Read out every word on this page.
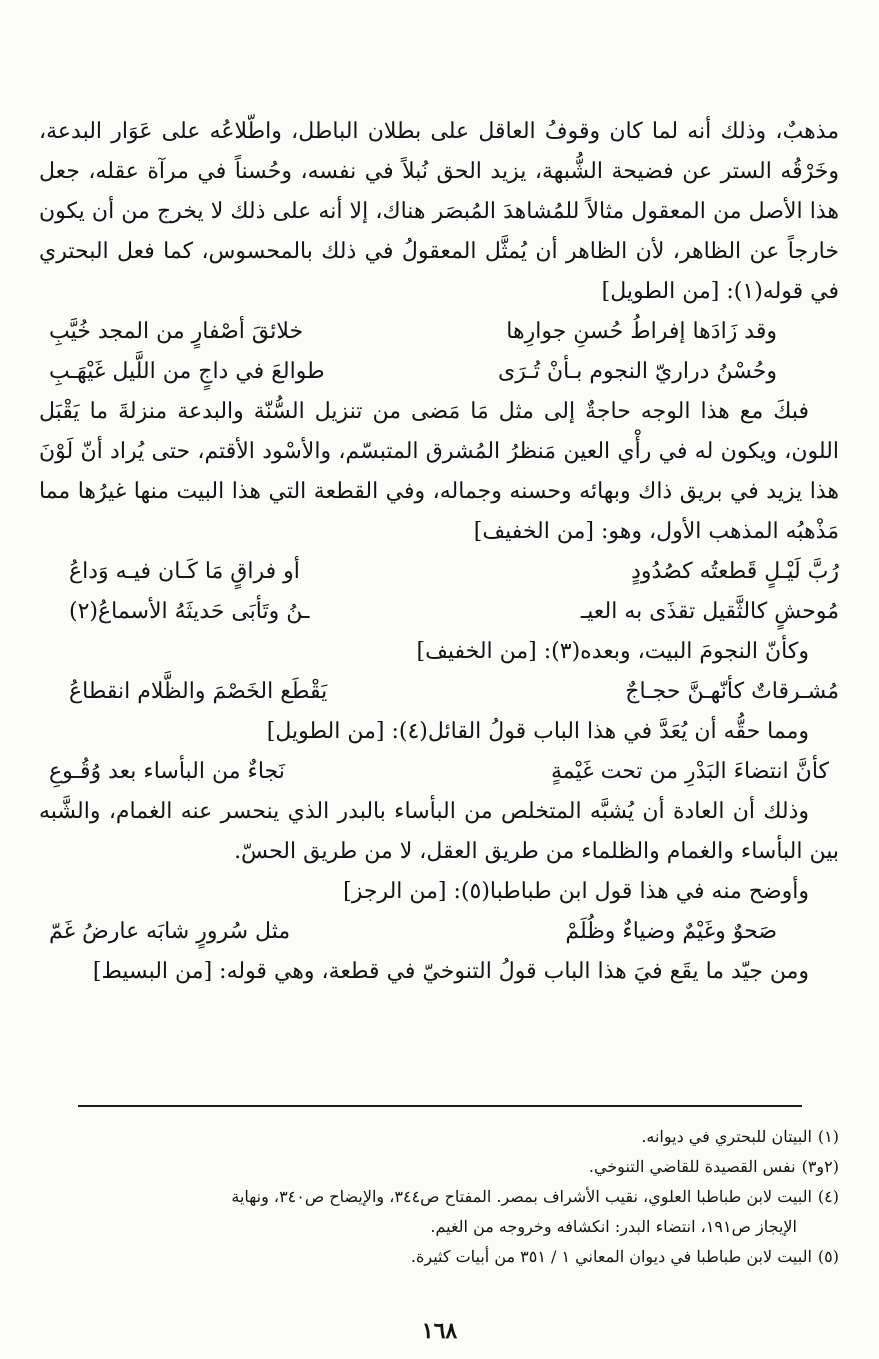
مذهبٌ، وذلك أنه لما كان وقوفُ العاقل على بطلان الباطل، واطّلاعُه على عَوَار البدعة، وخَرْقُه الستر عن فضيحة الشُّبهة، يزيد الحق نُبلاً في نفسه، وحُسناً في مرآة عقله، جعل هذا الأصل من المعقول مثالاً للمُشاهدَ المُبصَر هناك، إلا أنه على ذلك لا يخرج من أن يكون خارجاً عن الظاهر، لأن الظاهر أن يُمثَّل المعقولُ في ذلك بالمحسوس، كما فعل البحتري في قوله(١): [من الطويل]

وقد زَادَها إفراطُ حُسنِ جوارِها
خلائقَ أصْفارٍ من المجد خُيَّبِ
وحُسْنُ دراريّ النجوم بـأنْ تُـرَى
طوالعَ في داجٍ من اللَّيل غَيْهَـبِ

فبكَ مع هذا الوجه حاجةٌ إلى مثل مَا مَضى من تنزيل السُّنّة والبدعة منزلةَ ما يَقْبَل اللون، ويكون له في رأْي العين مَنظرُ المُشرق المتبسّم، والأسْود الأقتم، حتى يُراد أنّ لَوْنَ هذا يزيد في بريق ذاك وبهائه وحسنه وجماله، وفي القطعة التي هذا البيت منها غيرُها مما مَذْهبُه المذهب الأول، وهو: [من الخفيف]

رُبَّ لَيْـلٍ قَطعتُه كصُدُودٍ
أو فراقٍ مَا كَـان فيـه وَداعُ
مُوحشٍ كالثَّقيل تقذَى به العيـ
ـنُ وتَأبَى حَديثَهُ الأسماعُ(٢)

وكأنّ النجومَ البيت، وبعده(٣): [من الخفيف]

مُشـرقاتٌ كأنّهـنَّ حجـاجٌ
يَقْطَع الخَصْمَ والظَّلام انقطاعُ

ومما حقُّه أن يُعَدَّ في هذا الباب قولُ القائل(٤): [من الطويل]

كأنَّ انتضاءَ البَدْرِ من تحت غَيْمةٍ
نَجاءٌ من البأساء بعد وُقُـوعِ

وذلك أن العادة أن يُشبَّه المتخلص من البأساء بالبدر الذي ينحسر عنه الغمام، والشَّبه بين البأساء والغمام والظلماء من طريق العقل، لا من طريق الحسّ.

وأوضح منه في هذا قول ابن طباطبا(٥): [من الرجز]

صَحوٌ وغَيْمٌ وضياءٌ وظُلَمْ
مثل سُرورٍ شابَه عارضُ غَمّ

ومن جيّد ما يقَع فيَ هذا الباب قولُ التنوخيّ في قطعة، وهي قوله: [من البسيط]

(١)البيتان للبحتري في ديوانه.

(٢و٣)نفس القصيدة للقاضي التنوخي.

(٤)البيت لابن طباطبا العلوي، نقيب الأشراف بمصر. المفتاح ص٣٤٤، والإيضاح ص٣٤٠، ونهاية

الإيجاز ص١٩١، انتضاء البدر: انكشافه وخروجه من الغيم.

(٥)البيت لابن طباطبا في ديوان المعاني ١ / ٣٥١ من أبيات كثيرة.

١٦٨
